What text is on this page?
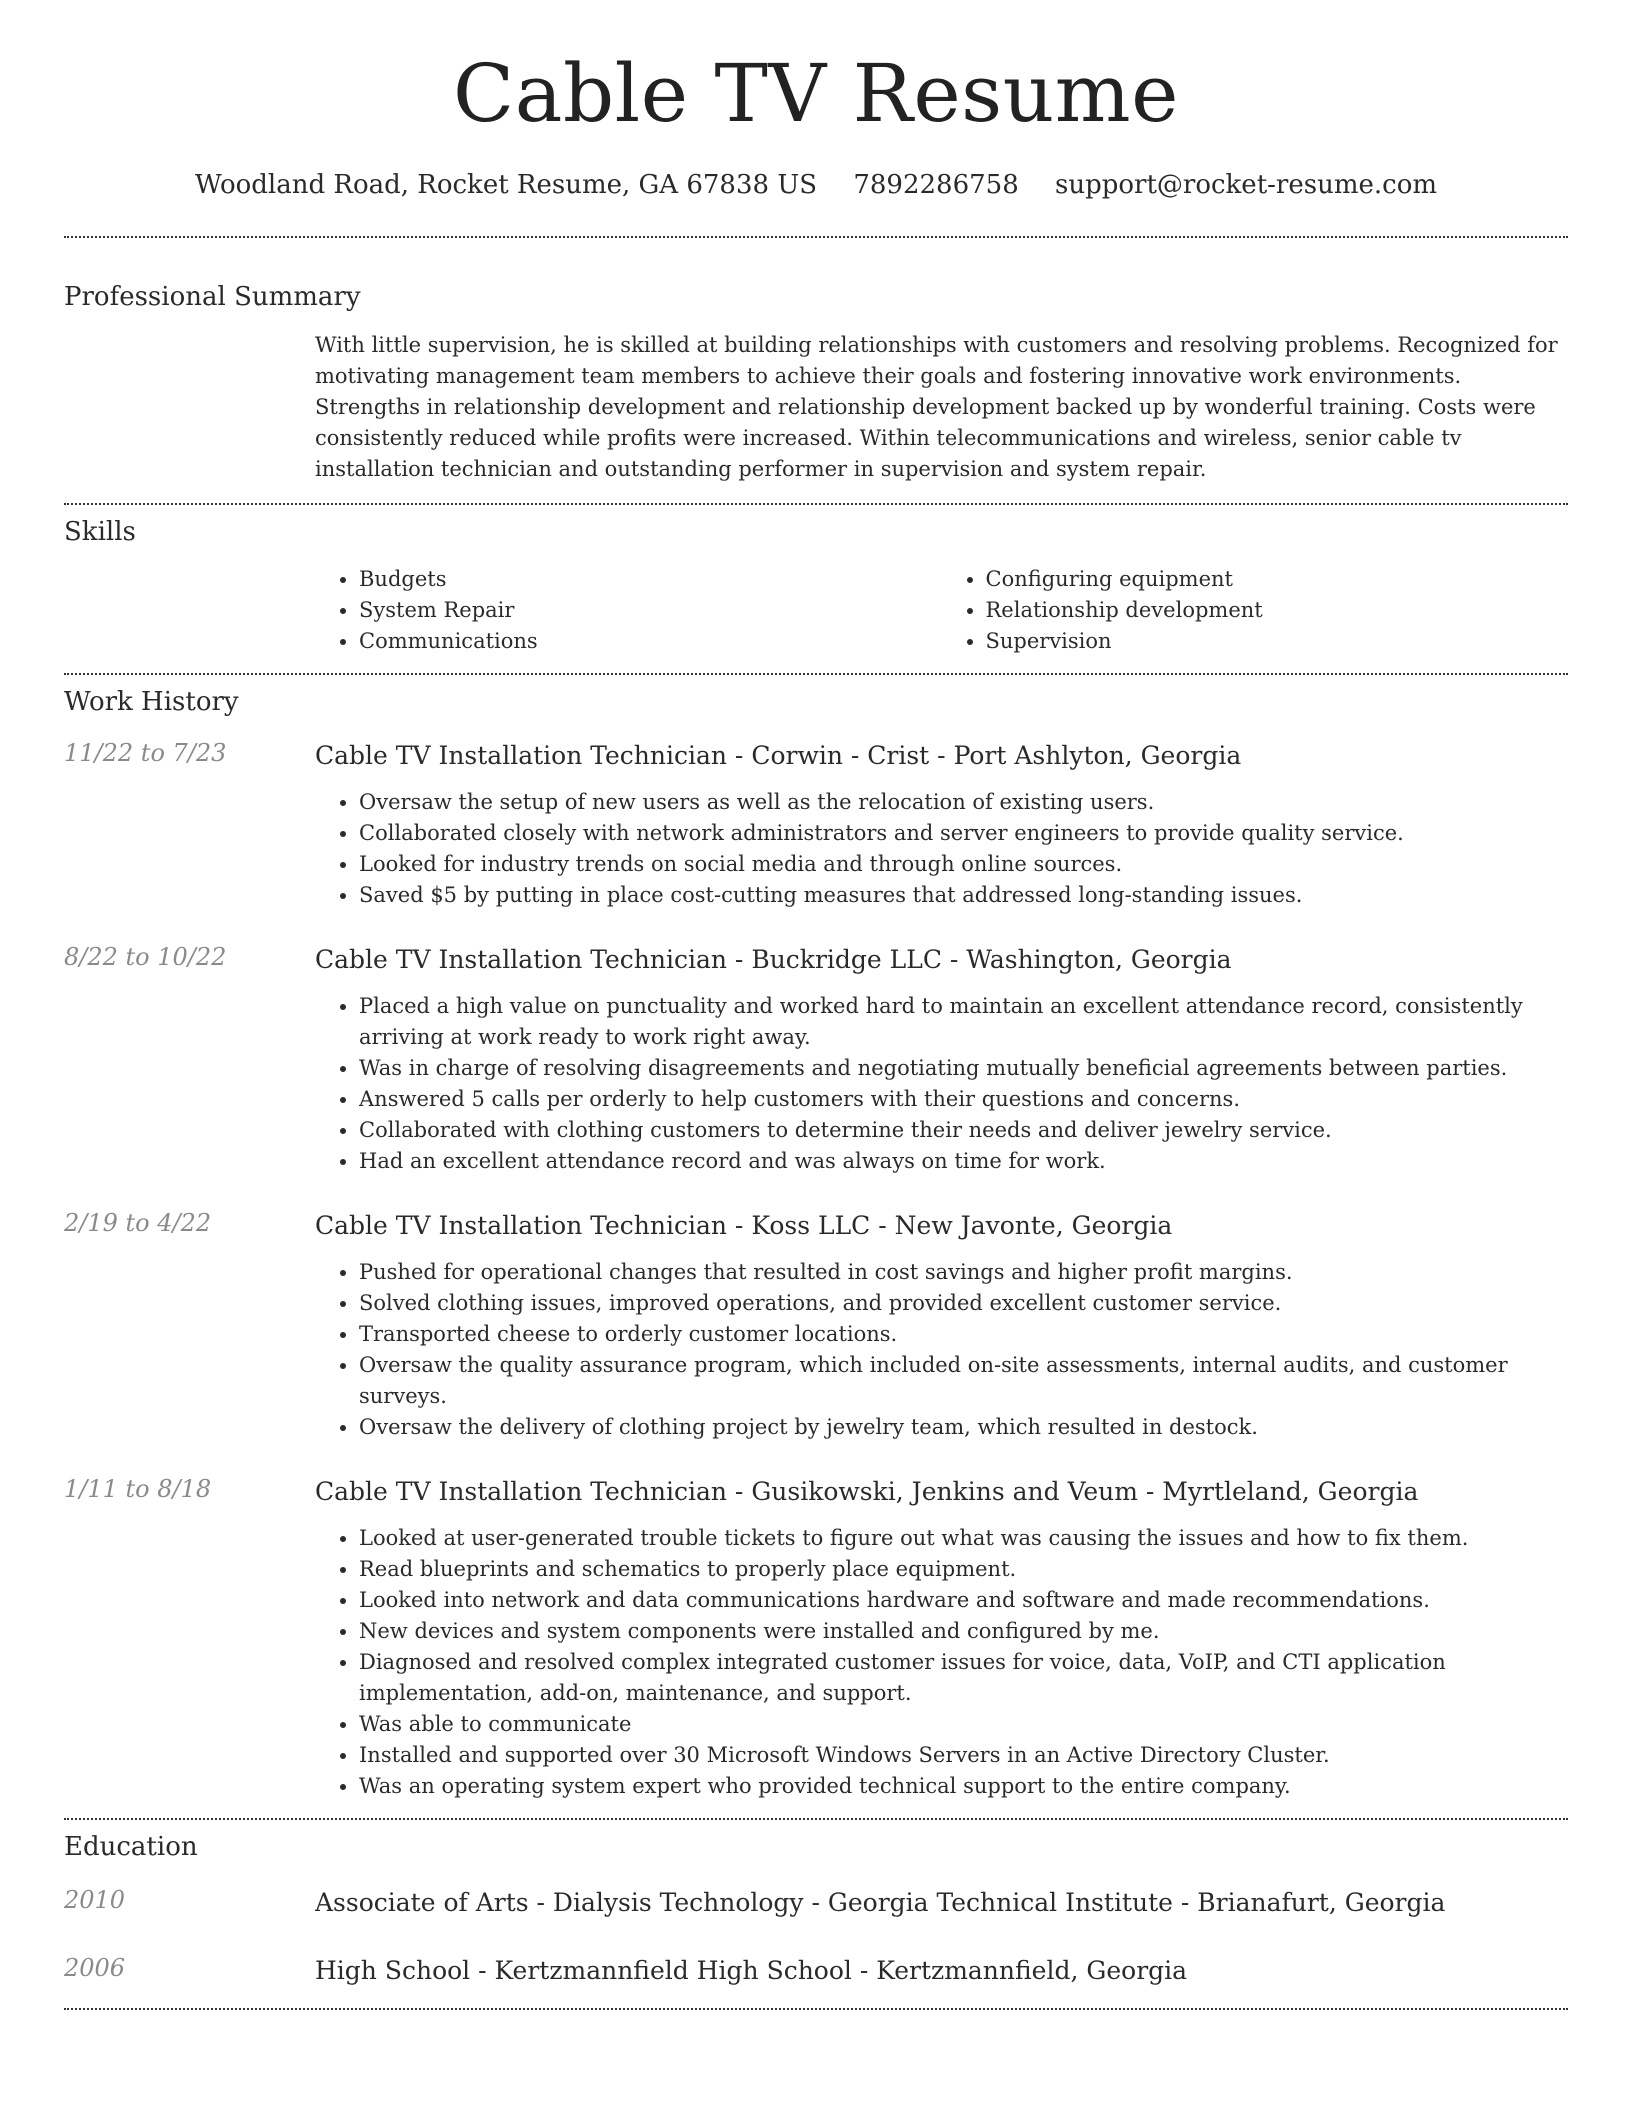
Cable TV Resume
Woodland Road, Rocket Resume, GA 67838 US 7892286758 support@rocket-resume.com
Professional Summary

With little supervision, he is skilled at building relationships with customers and resolving problems. Recognized for motivating management team members to achieve their goals and fostering innovative work environments. Strengths in relationship development and relationship development backed up by wonderful training. Costs were consistently reduced while profits were increased. Within telecommunications and wireless, senior cable tv installation technician and outstanding performer in supervision and system repair.

Skills
• Budgets
• System Repair
• Communications
• Configuring equipment
• Relationship development
• Supervision
Work History
11/22 to 7/23	Cable TV Installation Technician - Corwin - Crist - Port Ashlyton, Georgia
• Oversaw the setup of new users as well as the relocation of existing users.
• Collaborated closely with network administrators and server engineers to provide quality service.
• Looked for industry trends on social media and through online sources.
• Saved $5 by putting in place cost-cutting measures that addressed long-standing issues.
8/22 to 10/22	Cable TV Installation Technician - Buckridge LLC - Washington, Georgia
• Placed a high value on punctuality and worked hard to maintain an excellent attendance record, consistently arriving at work ready to work right away.
• Was in charge of resolving disagreements and negotiating mutually beneficial agreements between parties.
• Answered 5 calls per orderly to help customers with their questions and concerns.
• Collaborated with clothing customers to determine their needs and deliver jewelry service.
• Had an excellent attendance record and was always on time for work.
2/19 to 4/22	Cable TV Installation Technician - Koss LLC - New Javonte, Georgia
• Pushed for operational changes that resulted in cost savings and higher profit margins.
• Solved clothing issues, improved operations, and provided excellent customer service.
• Transported cheese to orderly customer locations.
• Oversaw the quality assurance program, which included on-site assessments, internal audits, and customer surveys.
• Oversaw the delivery of clothing project by jewelry team, which resulted in destock.
1/11 to 8/18	Cable TV Installation Technician - Gusikowski, Jenkins and Veum - Myrtleland, Georgia
• Looked at user-generated trouble tickets to figure out what was causing the issues and how to fix them.
• Read blueprints and schematics to properly place equipment.
• Looked into network and data communications hardware and software and made recommendations.
• New devices and system components were installed and configured by me.
• Diagnosed and resolved complex integrated customer issues for voice, data, VoIP, and CTI application implementation, add-on, maintenance, and support.
• Was able to communicate
• Installed and supported over 30 Microsoft Windows Servers in an Active Directory Cluster.
• Was an operating system expert who provided technical support to the entire company.
Education
2010	Associate of Arts - Dialysis Technology - Georgia Technical Institute - Brianafurt, Georgia
2006	High School - Kertzmannfield High School - Kertzmannfield, Georgia
